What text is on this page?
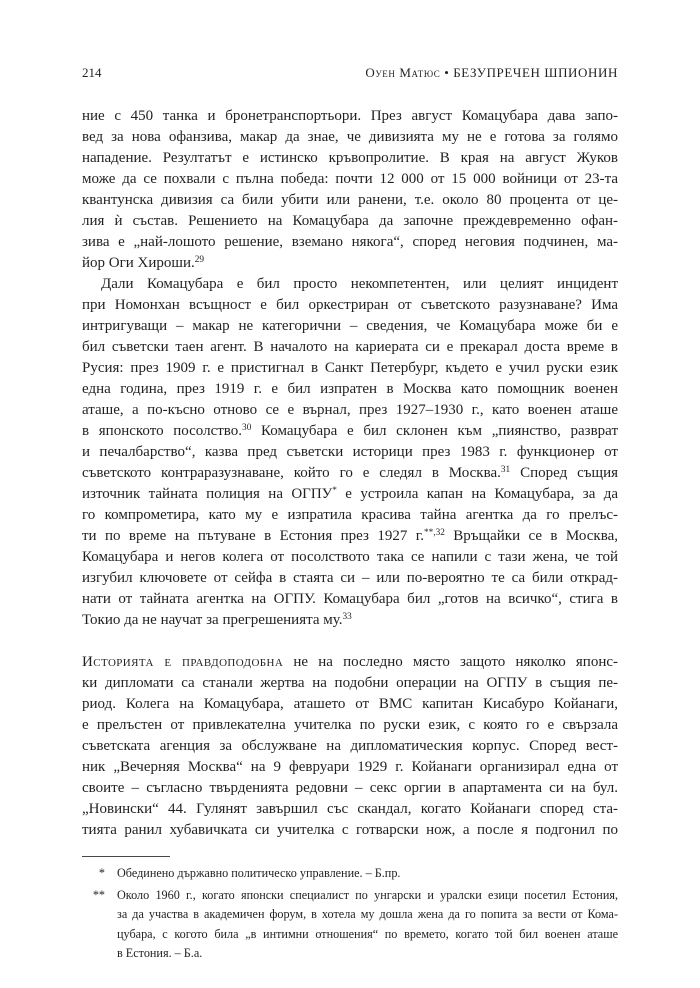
214	Оуен Матюс • БЕЗУПРЕЧЕН ШПИОНИН
ние с 450 танка и бронетранспортьори. През август Комацубара дава запо-
вед за нова офанзива, макар да знае, че дивизията му не е готова за голямо
нападение. Резултатът е истинско кръвопролитие. В края на август Жуков
може да се похвали с пълна победа: почти 12 000 от 15 000 войници от 23-та
квантунска дивизия са били убити или ранени, т.е. около 80 процента от це-
лия ѝ състав. Решението на Комацубара да започне преждевременно офан-
зива е „най-лошото решение, вземано някога“, според неговия подчинен, ма-
йор Оги Хироши.$^{29}$
Дали Комацубара е бил просто некомпетентен, или целият инцидент
при Номонхан всъщност е бил оркестриран от съветското разузнаване? Има
интригуващи – макар не категорични – сведения, че Комацубара може би е
бил съветски таен агент. В началото на кариерата си е прекарал доста време в
Русия: през 1909 г. е пристигнал в Санкт Петербург, където е учил руски език
една година, през 1919 г. е бил изпратен в Москва като помощник военен
аташе, а по-късно отново се е върнал, през 1927–1930 г., като военен аташе
в японското посолство.$^{30}$ Комацубара е бил склонен към „пиянство, разврат
и печалбарство“, казва пред съветски историци през 1983 г. функционер от
съветското контраразузнаване, който го е следял в Москва.$^{31}$ Според същия
източник тайната полиция на ОГПУ* е устроила капан на Комацубара, за да
го компрометира, като му е изпратила красива тайна агентка да го прелъс-
ти по време на пътуване в Естония през 1927 г.$^{**,32}$ Връщайки се в Москва,
Комацубара и негов колега от посолството така се напили с тази жена, че той
изгубил ключовете от сейфа в стаята си – или по-вероятно те са били открад-
нати от тайната агентка на ОГПУ. Комацубара бил „готов на всичко“, стига в
Токио да не научат за прегрешенията му.$^{33}$
Историята е правдоподобна не на последно място защото няколко японс-
ки дипломати са станали жертва на подобни операции на ОГПУ в същия пе-
риод. Колега на Комацубара, аташето от ВМС капитан Кисабуро Койанаги,
е прелъстен от привлекателна учителка по руски език, с която го е свързала
съветската агенция за обслужване на дипломатическия корпус. Според вест-
ник „Вечерняя Москва“ на 9 февруари 1929 г. Койанаги организирал една от
своите – съгласно твърденията редовни – секс оргии в апартамента си на бул.
„Новински“ 44. Гулянят завършил със скандал, когато Койанаги според ста-
тията ранил хубавичката си учителка с готварски нож, а после я подгонил по
* Обединено държавно политическо управление. – Б.пр.
** Около 1960 г., когато японски специалист по унгарски и уралски езици посетил Естония,
за да участва в академичен форум, в хотела му дошла жена да го попита за вести от Кома-
цубара, с когото била „в интимни отношения“ по времето, когато той бил военен аташе
в Естония. – Б.а.
